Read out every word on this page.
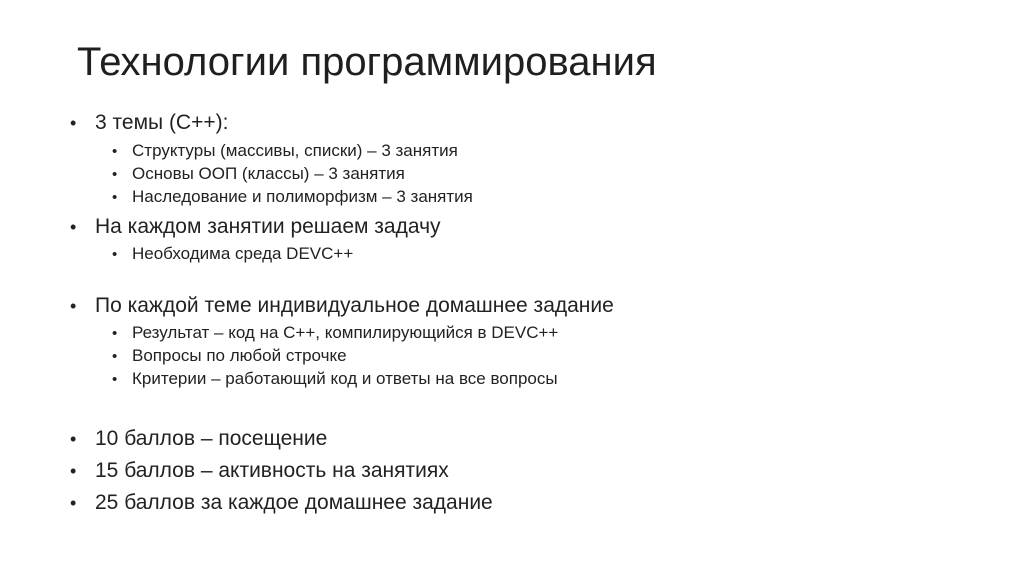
Технологии программирования
• 3 темы (C++):
• Структуры (массивы, списки) – 3 занятия
• Основы ООП (классы) – 3 занятия
• Наследование и полиморфизм – 3 занятия
• На каждом занятии решаем задачу
• Необходима среда DEVC++
• По каждой теме индивидуальное домашнее задание
• Результат – код на С++, компилирующийся в DEVC++
• Вопросы по любой строчке
• Критерии – работающий код и ответы на все вопросы
• 10 баллов – посещение
• 15 баллов – активность на занятиях
• 25 баллов за каждое домашнее задание
